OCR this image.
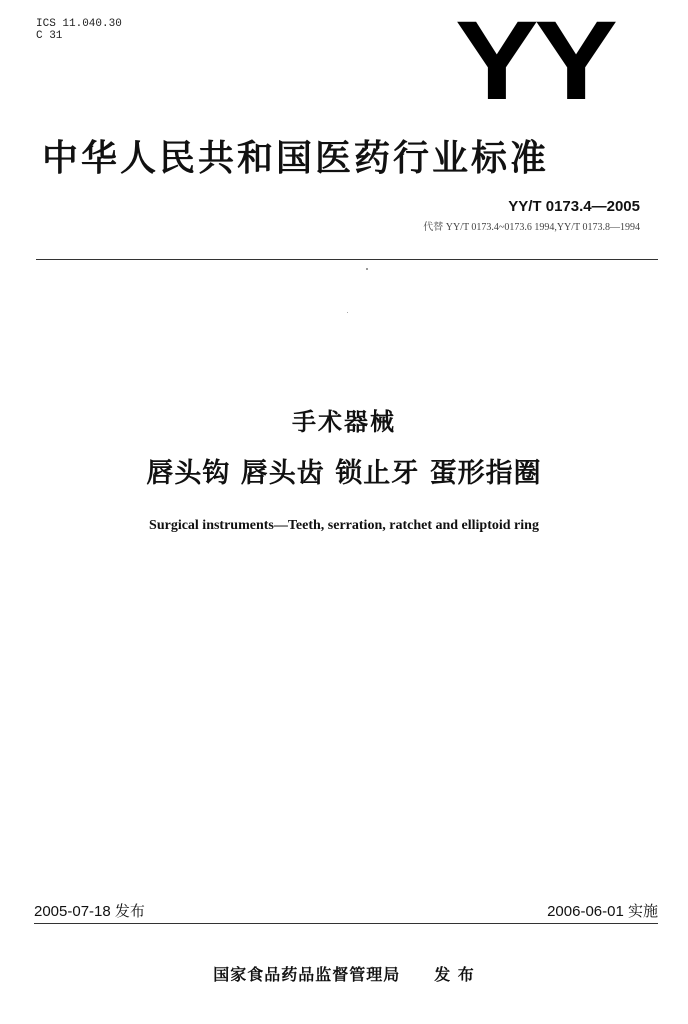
ICS 11.040.30
C 31	YY
中华人民共和国医药行业标准
YY/T 0173.4—2005
代替 YY/T 0173.4~0173.6 1994,YY/T 0173.8—1994
手术器械
唇头钩 唇头齿 锁止牙 蛋形指圈
Surgical instruments—Teeth, serration, ratchet and elliptoid ring
2005-07-18 发布	2006-06-01 实施
国家食品药品监督管理局 发 布
